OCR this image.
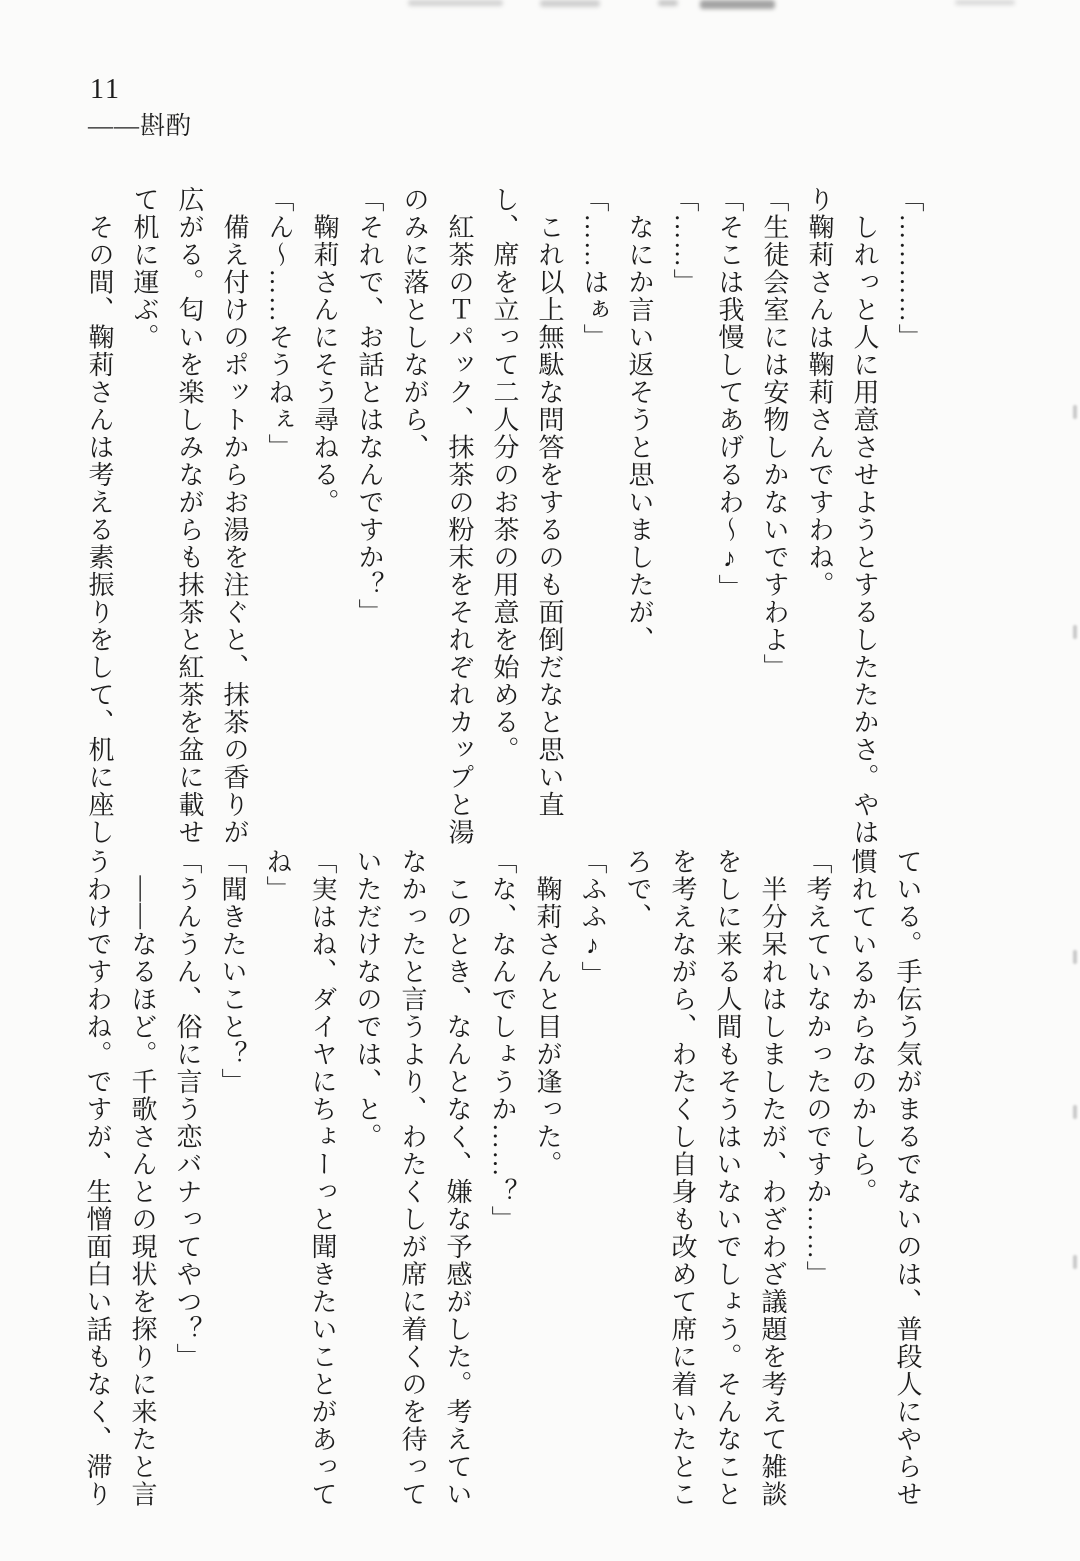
11
——斟酌
「…………」
　しれっと人に用意させようとするしたたかさ。やは
り鞠莉さんは鞠莉さんですわね。
「生徒会室には安物しかないですわよ」
「そこは我慢してあげるわ〜♪」
「……」
　なにか言い返そうと思いましたが、
「……はぁ」
　これ以上無駄な問答をするのも面倒だなと思い直
し、席を立って二人分のお茶の用意を始める。
　紅茶のＴパック、抹茶の粉末をそれぞれカップと湯
のみに落としながら、
「それで、お話とはなんですか？」
　鞠莉さんにそう尋ねる。
「ん〜……そうねぇ」
　備え付けのポットからお湯を注ぐと、抹茶の香りが
広がる。匂いを楽しみながらも抹茶と紅茶を盆に載せ
て机に運ぶ。
　その間、鞠莉さんは考える素振りをして、机に座し
ている。手伝う気がまるでないのは、普段人にやらせ
慣れているからなのかしら。
「考えていなかったのですか……」
　半分呆れはしましたが、わざわざ議題を考えて雑談
をしに来る人間もそうはいないでしょう。そんなこと
を考えながら、わたくし自身も改めて席に着いたとこ
ろで、
「ふふ♪」
　鞠莉さんと目が逢った。
「な、なんでしょうか……？」
　このとき、なんとなく、嫌な予感がした。考えてい
なかったと言うより、わたくしが席に着くのを待って
いただけなのでは、と。
「実はね、ダイヤにちょーっと聞きたいことがあって
ね」
「聞きたいこと？」
「うんうん、俗に言う恋バナってやつ？」
　——なるほど。千歌さんとの現状を探りに来たと言
うわけですわね。ですが、生憎面白い話もなく、滞り
